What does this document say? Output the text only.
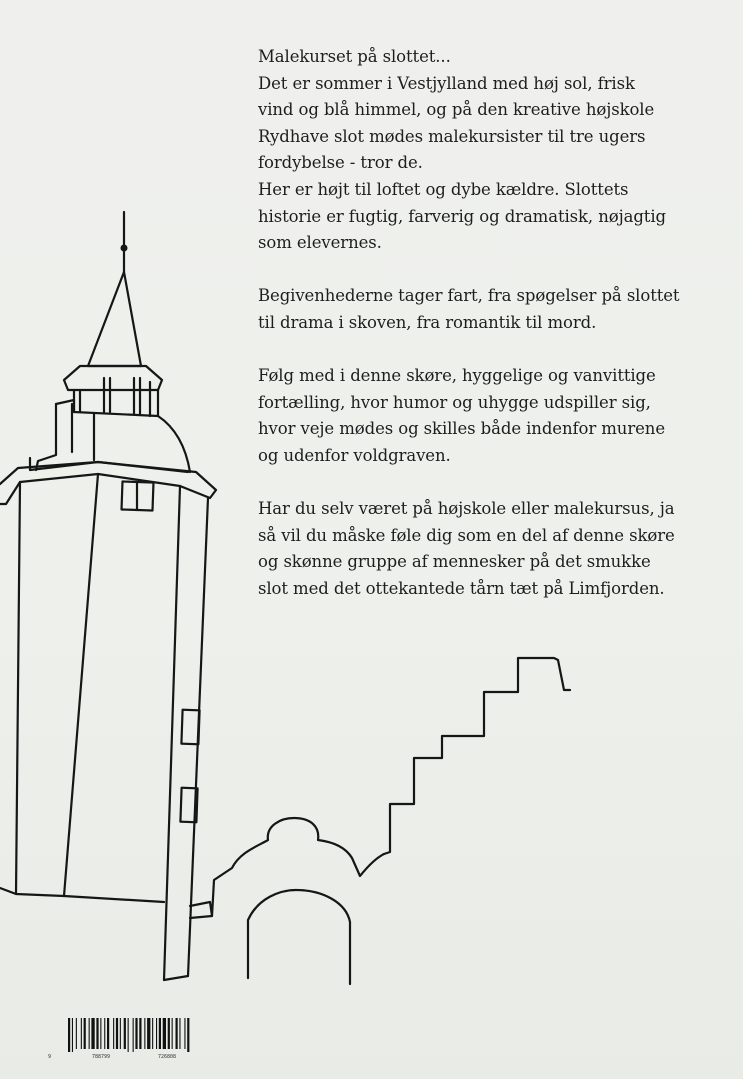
Malekurset på slottet...
Det er sommer i Vestjylland med høj sol, frisk
vind og blå himmel, og på den kreative højskole
Rydhave slot mødes malekursister til tre ugers
fordybelse - tror de.
Her er højt til loftet og dybe kældre. Slottets
historie er fugtig, farverig og dramatisk, nøjagtig
som elevernes.

Begivenhederne tager fart, fra spøgelser på slottet
til drama i skoven, fra romantik til mord.

Følg med i denne skøre, hyggelige og vanvittige
fortælling, hvor humor og uhygge udspiller sig,
hvor veje mødes og skilles både indenfor murene
og udenfor voldgraven.

Har du selv været på højskole eller malekursus, ja
så vil du måske føle dig som en del af denne skøre
og skønne gruppe af mennesker på det smukke
slot med det ottekantede tårn tæt på Limfjorden.

9	788799	726808
